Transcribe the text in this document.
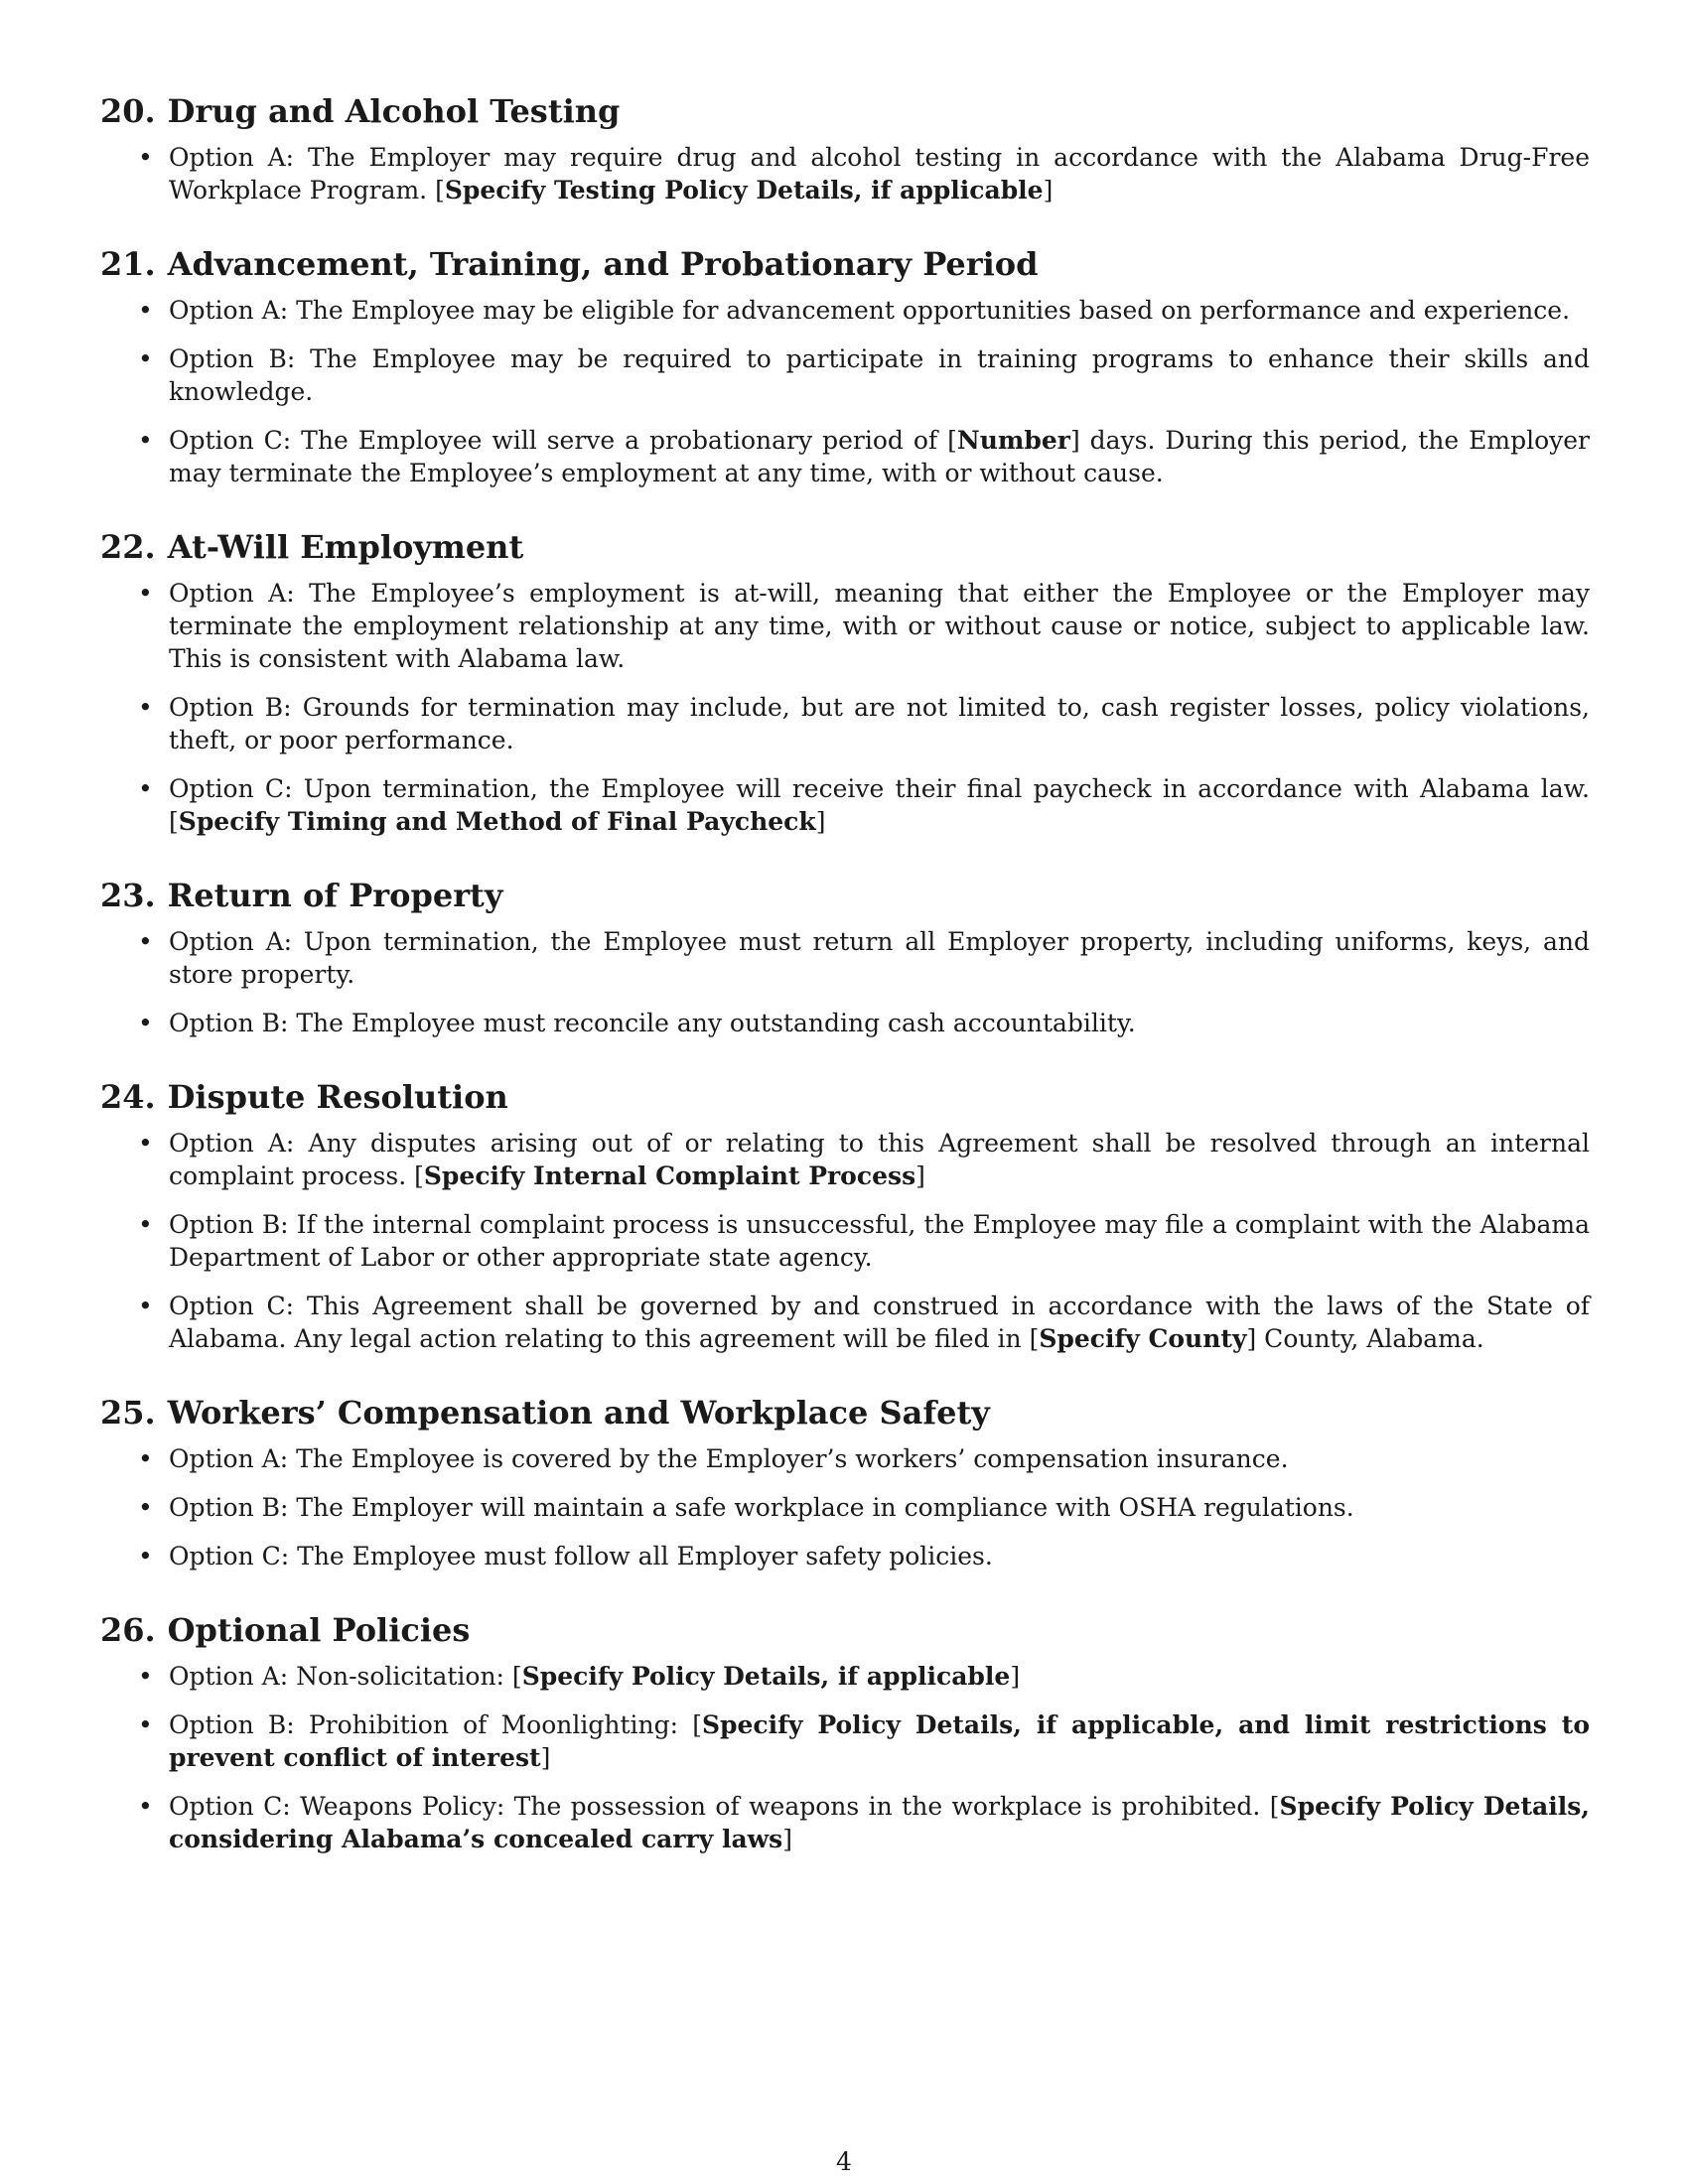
20. Drug and Alcohol Testing
• Option A: The Employer may require drug and alcohol testing in accordance with the Alabama Drug-Free Workplace Program. [Specify Testing Policy Details, if applicable]
21. Advancement, Training, and Probationary Period
• Option A: The Employee may be eligible for advancement opportunities based on performance and experience.
• Option B: The Employee may be required to participate in training programs to enhance their skills and knowledge.
• Option C: The Employee will serve a probationary period of [Number] days. During this period, the Employer may terminate the Employee’s employment at any time, with or without cause.
22. At-Will Employment
• Option A: The Employee’s employment is at-will, meaning that either the Employee or the Employer may terminate the employment relationship at any time, with or without cause or notice, subject to applicable law. This is consistent with Alabama law.
• Option B: Grounds for termination may include, but are not limited to, cash register losses, policy violations, theft, or poor performance.
• Option C: Upon termination, the Employee will receive their final paycheck in accordance with Alabama law. [Specify Timing and Method of Final Paycheck]
23. Return of Property
• Option A: Upon termination, the Employee must return all Employer property, including uniforms, keys, and store property.
• Option B: The Employee must reconcile any outstanding cash accountability.
24. Dispute Resolution
• Option A: Any disputes arising out of or relating to this Agreement shall be resolved through an internal complaint process. [Specify Internal Complaint Process]
• Option B: If the internal complaint process is unsuccessful, the Employee may file a complaint with the Alabama Department of Labor or other appropriate state agency.
• Option C: This Agreement shall be governed by and construed in accordance with the laws of the State of Alabama. Any legal action relating to this agreement will be filed in [Specify County] County, Alabama.
25. Workers’ Compensation and Workplace Safety
• Option A: The Employee is covered by the Employer’s workers’ compensation insurance.
• Option B: The Employer will maintain a safe workplace in compliance with OSHA regulations.
• Option C: The Employee must follow all Employer safety policies.
26. Optional Policies
• Option A: Non-solicitation: [Specify Policy Details, if applicable]
• Option B: Prohibition of Moonlighting: [Specify Policy Details, if applicable, and limit restrictions to prevent conflict of interest]
• Option C: Weapons Policy: The possession of weapons in the workplace is prohibited. [Specify Policy Details, considering Alabama’s concealed carry laws]
4
